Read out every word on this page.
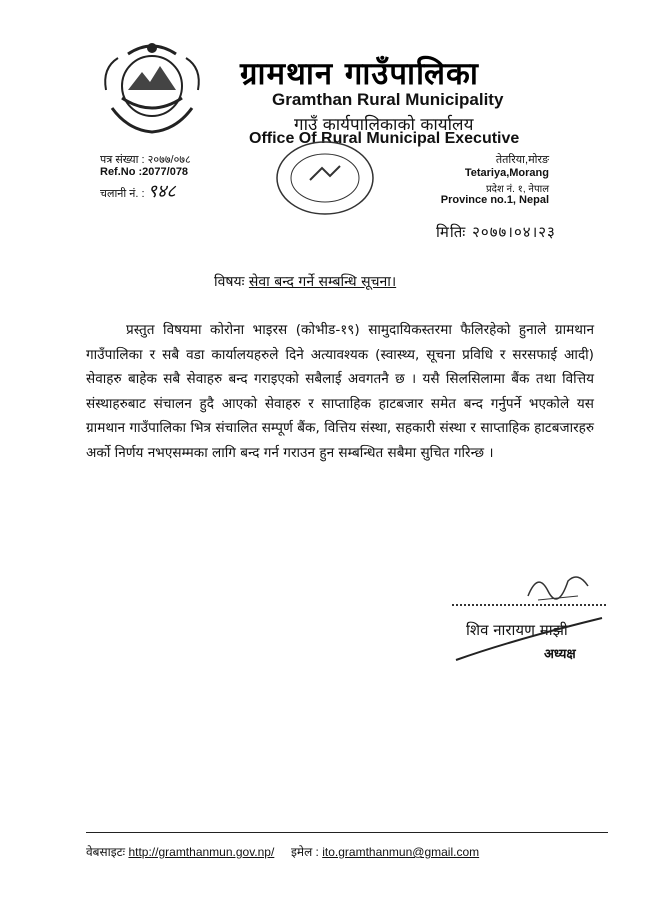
ग्रामथान गाउँपालिका
Gramthan Rural Municipality
गाउँ कार्यपालिकाको कार्यालय
Office Of Rural Municipal Executive
पत्र संख्या : २०७७/०७८
Ref.No :2077/078
चलानी नं. : ९४८
तेतरिया,मोरङ
Tetariya,Morang
प्रदेश नं. १, नेपाल
Province no.1, Nepal
मितिः २०७७।०४।२३
विषयः सेवा बन्द गर्ने सम्बन्धि सूचना।
प्रस्तुत विषयमा कोरोना भाइरस (कोभीड-१९) सामुदायिकस्तरमा फैलिरहेको हुनाले ग्रामथान गाउँपालिका र सबै वडा कार्यालयहरुले दिने अत्यावश्यक (स्वास्थ्य, सूचना प्रविधि र सरसफाई आदी) सेवाहरु बाहेक सबै सेवाहरु बन्द गराइएको सबैलाई अवगतनै छ । यसै सिलसिलामा बैंक तथा वित्तिय संस्थाहरुबाट संचालन हुदै आएको सेवाहरु र साप्ताहिक हाटबजार समेत बन्द गर्नुपर्ने भएकोले यस ग्रामथान गाउँपालिका भित्र संचालित सम्पूर्ण बैंक, वित्तिय संस्था, सहकारी संस्था र साप्ताहिक हाटबजारहरु अर्को निर्णय नभएसम्मका लागि बन्द गर्न गराउन हुन सम्बन्धित सबैमा सुचित गरिन्छ ।
शिव नारायण माझी
अध्यक्ष
वेबसाइटः http://gramthanmun.gov.np/ इमेल : ito.gramthanmun@gmail.com
